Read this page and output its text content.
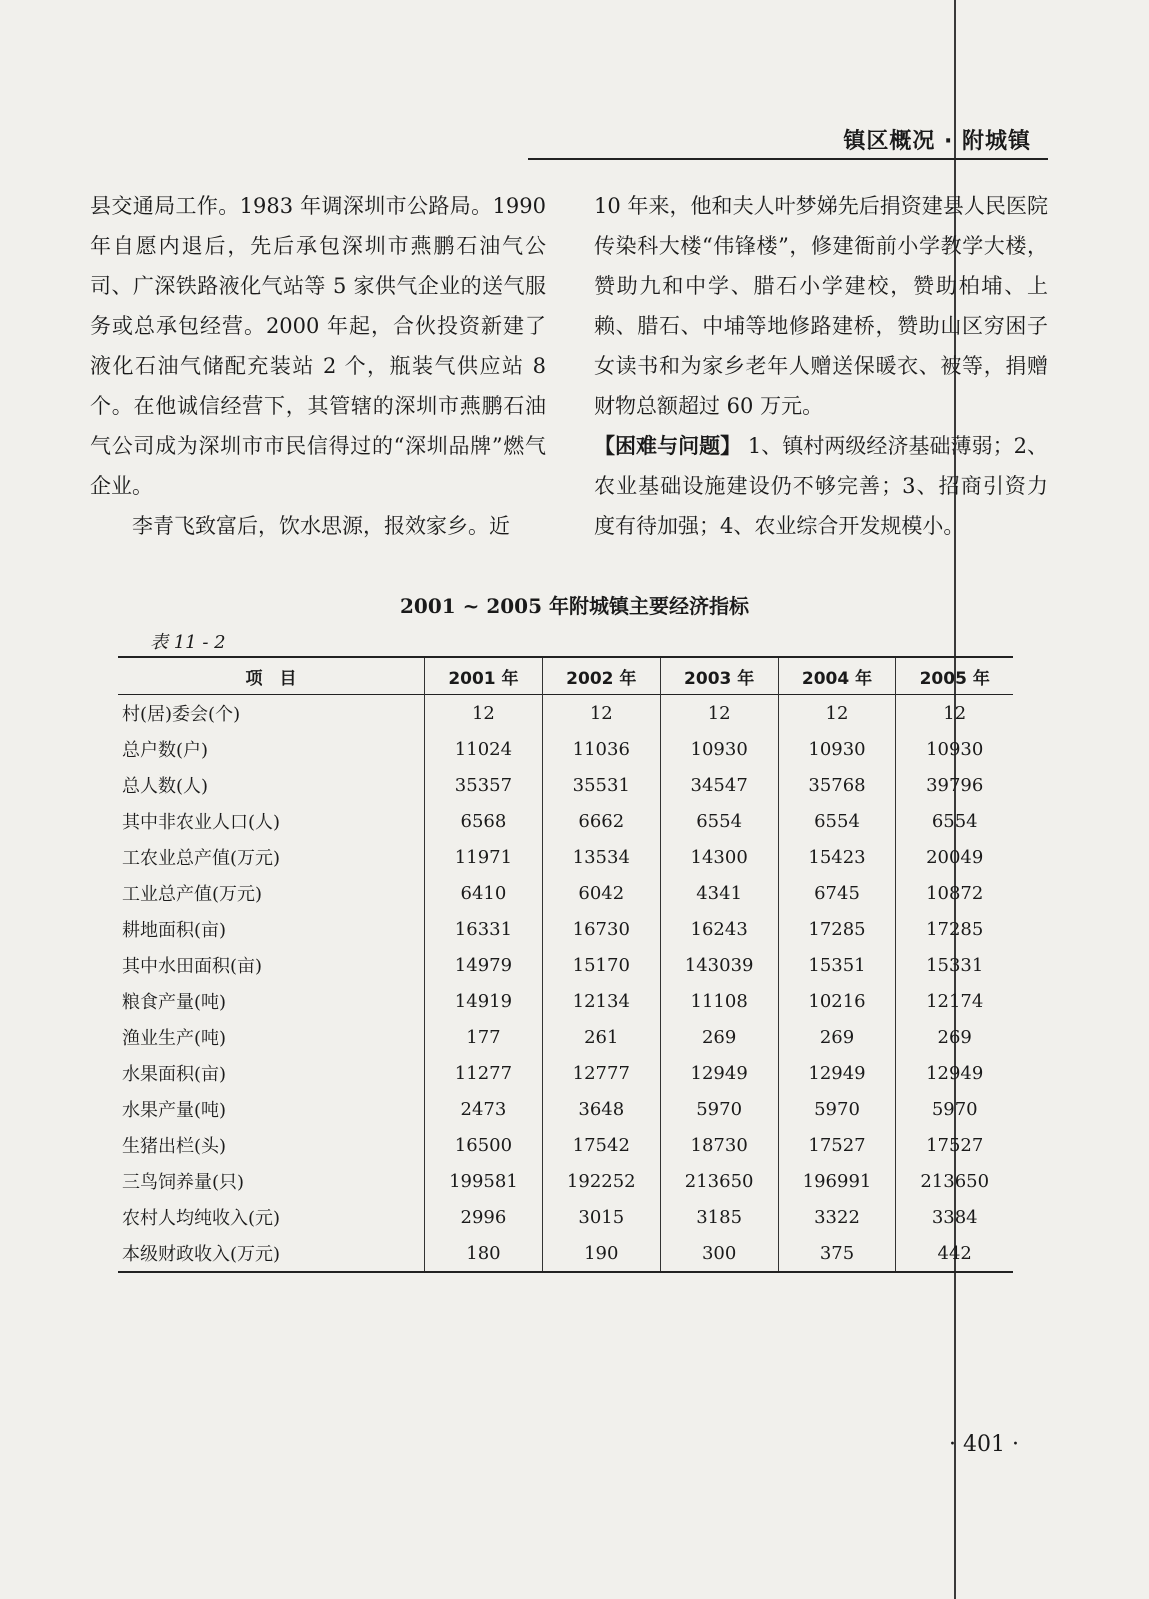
镇区概况 · 附城镇

县交通局工作。1983 年调深圳市公路局。1990 年自愿内退后，先后承包深圳市燕鹏石油气公司、广深铁路液化气站等 5 家供气企业的送气服务或总承包经营。2000 年起，合伙投资新建了液化石油气储配充装站 2 个，瓶装气供应站 8 个。在他诚信经营下，其管辖的深圳市燕鹏石油气公司成为深圳市市民信得过的“深圳品牌”燃气企业。

李青飞致富后，饮水思源，报效家乡。近

10 年来，他和夫人叶梦娣先后捐资建县人民医院传染科大楼“伟锋楼”，修建衙前小学教学大楼，赞助九和中学、腊石小学建校，赞助柏埔、上赖、腊石、中埔等地修路建桥，赞助山区穷困子女读书和为家乡老年人赠送保暖衣、被等，捐赠财物总额超过 60 万元。

【困难与问题】 1、镇村两级经济基础薄弱；2、农业基础设施建设仍不够完善；3、招商引资力度有待加强；4、农业综合开发规模小。

2001 ~ 2005 年附城镇主要经济指标
表 11 - 2
项　目	2001 年	2002 年	2003 年	2004 年	2005 年
村(居)委会(个)	12	12	12	12	12
总户数(户)	11024	11036	10930	10930	10930
总人数(人)	35357	35531	34547	35768	39796
其中非农业人口(人)	6568	6662	6554	6554	6554
工农业总产值(万元)	11971	13534	14300	15423	20049
工业总产值(万元)	6410	6042	4341	6745	10872
耕地面积(亩)	16331	16730	16243	17285	17285
其中水田面积(亩)	14979	15170	143039	15351	15331
粮食产量(吨)	14919	12134	11108	10216	12174
渔业生产(吨)	177	261	269	269	269
水果面积(亩)	11277	12777	12949	12949	12949
水果产量(吨)	2473	3648	5970	5970	5970
生猪出栏(头)	16500	17542	18730	17527	17527
三鸟饲养量(只)	199581	192252	213650	196991	213650
农村人均纯收入(元)	2996	3015	3185	3322	3384
本级财政收入(万元)	180	190	300	375	442
· 401 ·
